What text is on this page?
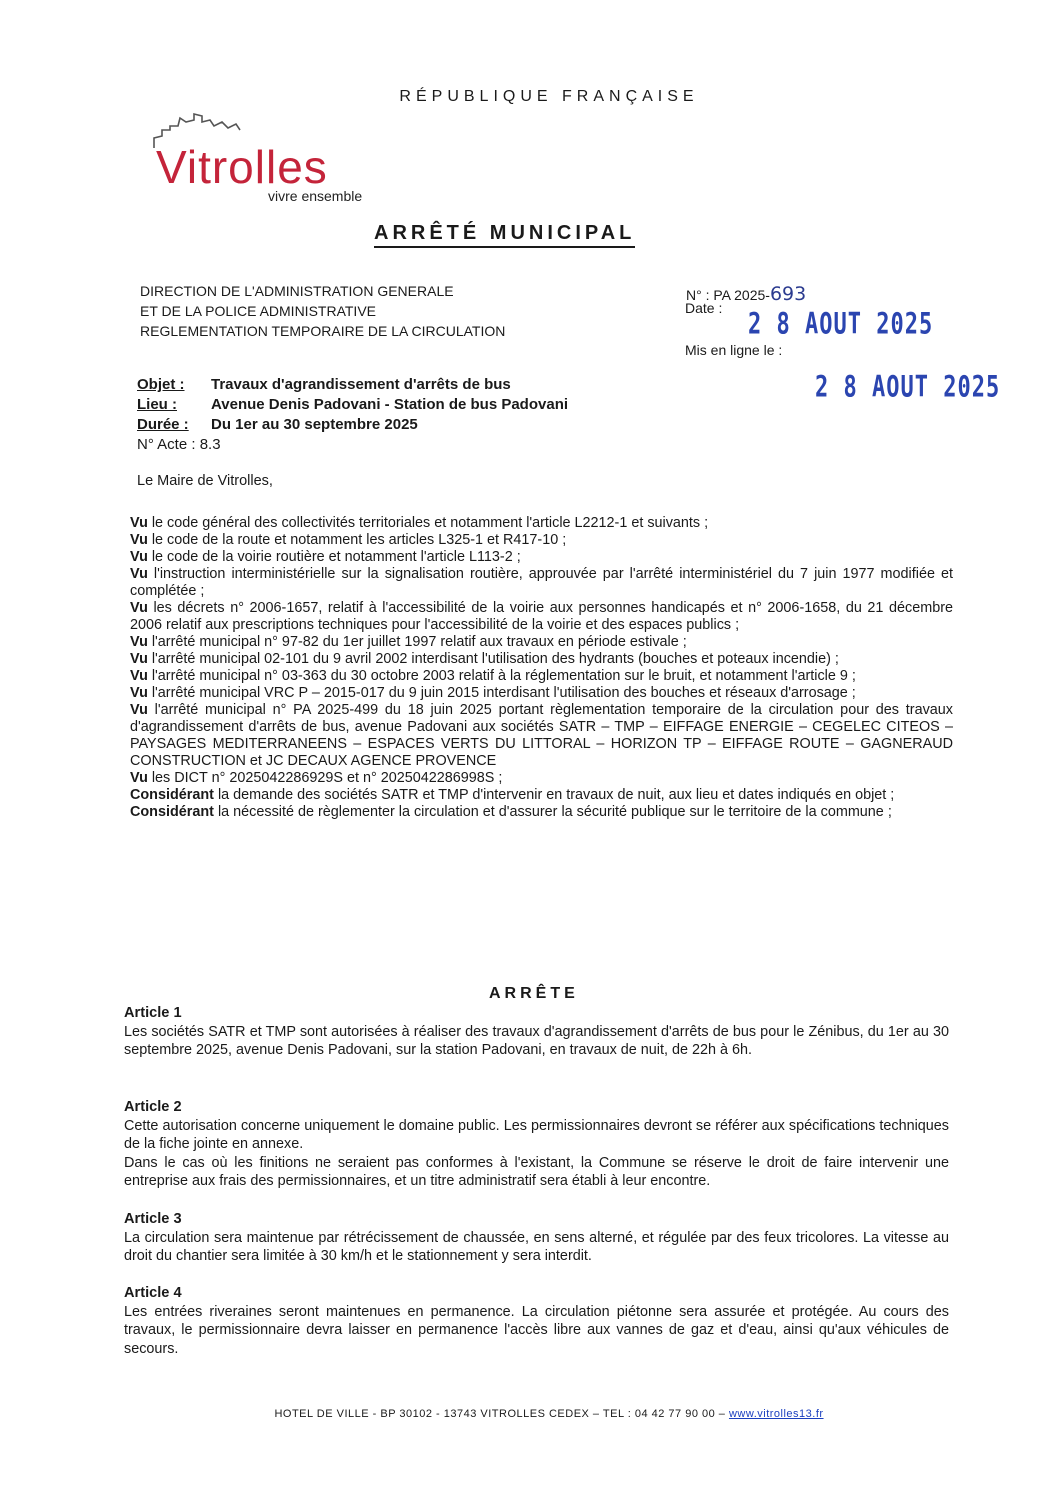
RÉPUBLIQUE FRANÇAISE
Vitrolles
vivre ensemble
ARRÊTÉ MUNICIPAL
DIRECTION DE L'ADMINISTRATION GENERALE
ET DE LA POLICE ADMINISTRATIVE
REGLEMENTATION TEMPORAIRE DE LA CIRCULATION
N° : PA 2025-693
Date : 2 8 AOUT 2025
Mis en ligne le :
2 8 AOUT 2025
Objet : Travaux d'agrandissement d'arrêts de bus
Lieu : Avenue Denis Padovani - Station de bus Padovani
Durée : Du 1er au 30 septembre 2025
N° Acte : 8.3
Le Maire de Vitrolles,

Vu le code général des collectivités territoriales et notamment l'article L2212-1 et suivants ;

Vu le code de la route et notamment les articles L325-1 et R417-10 ;

Vu le code de la voirie routière et notamment l'article L113-2 ;

Vu l'instruction interministérielle sur la signalisation routière, approuvée par l'arrêté interministériel du 7 juin 1977 modifiée et complétée ;

Vu les décrets n° 2006-1657, relatif à l'accessibilité de la voirie aux personnes handicapés et n° 2006-1658, du 21 décembre 2006 relatif aux prescriptions techniques pour l'accessibilité de la voirie et des espaces publics ;

Vu l'arrêté municipal n° 97-82 du 1er juillet 1997 relatif aux travaux en période estivale ;

Vu l'arrêté municipal 02-101 du 9 avril 2002 interdisant l'utilisation des hydrants (bouches et poteaux incendie) ;

Vu l'arrêté municipal n° 03-363 du 30 octobre 2003 relatif à la réglementation sur le bruit, et notamment l'article 9 ;

Vu l'arrêté municipal VRC P – 2015-017 du 9 juin 2015 interdisant l'utilisation des bouches et réseaux d'arrosage ;

Vu l'arrêté municipal n° PA 2025-499 du 18 juin 2025 portant règlementation temporaire de la circulation pour des travaux d'agrandissement d'arrêts de bus, avenue Padovani aux sociétés SATR – TMP – EIFFAGE ENERGIE – CEGELEC CITEOS – PAYSAGES MEDITERRANEENS – ESPACES VERTS DU LITTORAL – HORIZON TP – EIFFAGE ROUTE – GAGNERAUD CONSTRUCTION et JC DECAUX AGENCE PROVENCE

Vu les DICT n° 2025042286929S et n° 2025042286998S ;

Considérant la demande des sociétés SATR et TMP d'intervenir en travaux de nuit, aux lieu et dates indiqués en objet ;

Considérant la nécessité de règlementer la circulation et d'assurer la sécurité publique sur le territoire de la commune ;

ARRÊTE
Article 1

Les sociétés SATR et TMP sont autorisées à réaliser des travaux d'agrandissement d'arrêts de bus pour le Zénibus, du 1er au 30 septembre 2025, avenue Denis Padovani, sur la station Padovani, en travaux de nuit, de 22h à 6h.

Article 2

Cette autorisation concerne uniquement le domaine public. Les permissionnaires devront se référer aux spécifications techniques de la fiche jointe en annexe.

Dans le cas où les finitions ne seraient pas conformes à l'existant, la Commune se réserve le droit de faire intervenir une entreprise aux frais des permissionnaires, et un titre administratif sera établi à leur encontre.

Article 3

La circulation sera maintenue par rétrécissement de chaussée, en sens alterné, et régulée par des feux tricolores. La vitesse au droit du chantier sera limitée à 30 km/h et le stationnement y sera interdit.

Article 4

Les entrées riveraines seront maintenues en permanence. La circulation piétonne sera assurée et protégée. Au cours des travaux, le permissionnaire devra laisser en permanence l'accès libre aux vannes de gaz et d'eau, ainsi qu'aux véhicules de secours.

HOTEL DE VILLE - BP 30102 - 13743 VITROLLES CEDEX – TEL : 04 42 77 90 00 – www.vitrolles13.fr
